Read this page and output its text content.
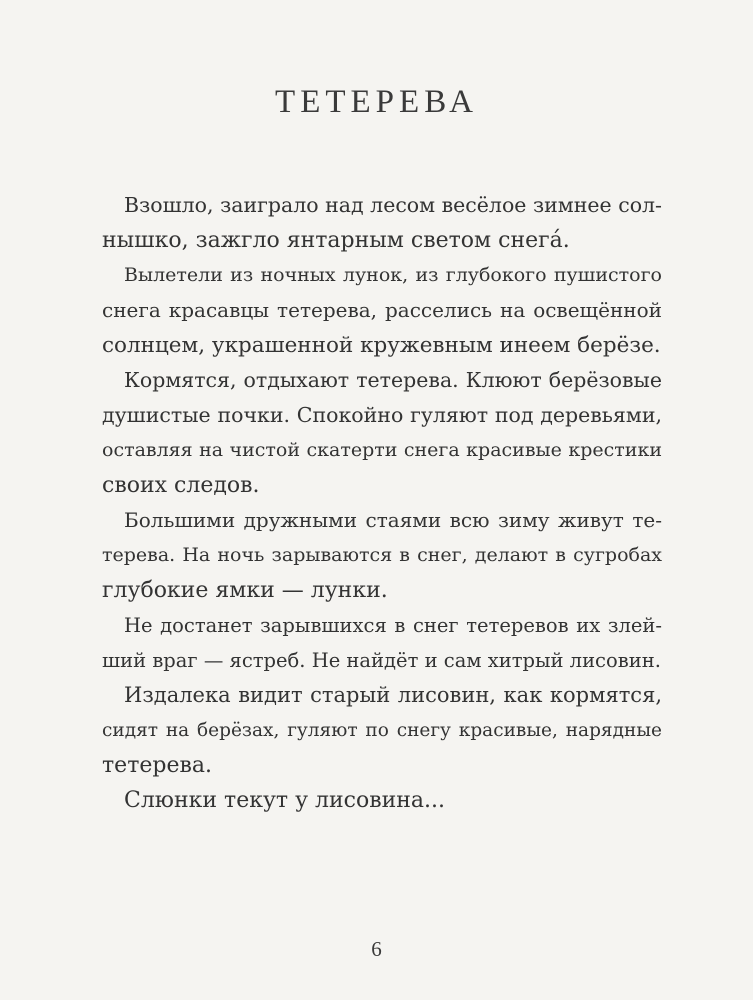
ТЕТЕРЕВА
Взошло, заиграло над лесом весёлое зимнее сол-
нышко, зажгло янтарным светом снега́.
Вылетели из ночных лунок, из глубокого пушистого
снега красавцы тетерева, расселись на освещённой
солнцем, украшенной кружевным инеем берёзе.
Кормятся, отдыхают тетерева. Клюют берёзовые
душистые почки. Спокойно гуляют под деревьями,
оставляя на чистой скатерти снега красивые крестики
своих следов.
Большими дружными стаями всю зиму живут те-
терева. На ночь зарываются в снег, делают в сугробах
глубокие ямки — лунки.
Не достанет зарывшихся в снег тетеревов их злей-
ший враг — ястреб. Не найдёт и сам хитрый лисовин.
Издалека видит старый лисовин, как кормятся,
сидят на берёзах, гуляют по снегу красивые, нарядные
тетерева.
Слюнки текут у лисовина...
6
